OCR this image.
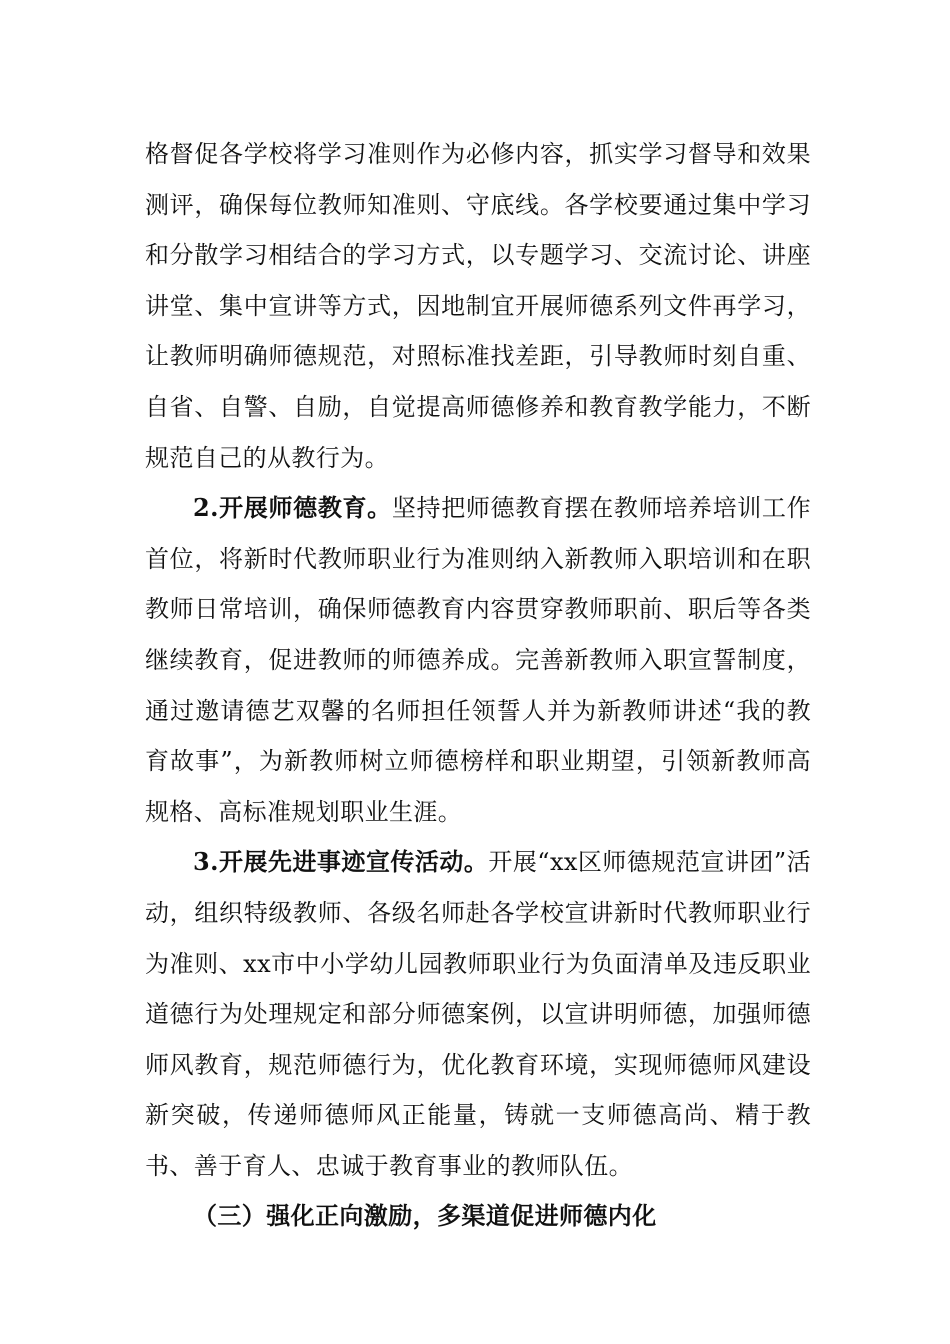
格督促各学校将学习准则作为必修内容，抓实学习督导和效果测评，确保每位教师知准则、守底线。各学校要通过集中学习和分散学习相结合的学习方式，以专题学习、交流讨论、讲座讲堂、集中宣讲等方式，因地制宜开展师德系列文件再学习，让教师明确师德规范，对照标准找差距，引导教师时刻自重、自省、自警、自励，自觉提高师德修养和教育教学能力，不断规范自己的从教行为。

2.开展师德教育。坚持把师德教育摆在教师培养培训工作首位，将新时代教师职业行为准则纳入新教师入职培训和在职教师日常培训，确保师德教育内容贯穿教师职前、职后等各类继续教育，促进教师的师德养成。完善新教师入职宣誓制度，通过邀请德艺双馨的名师担任领誓人并为新教师讲述“我的教育故事”，为新教师树立师德榜样和职业期望，引领新教师高规格、高标准规划职业生涯。

3.开展先进事迹宣传活动。开展“xx区师德规范宣讲团”活动，组织特级教师、各级名师赴各学校宣讲新时代教师职业行为准则、xx市中小学幼儿园教师职业行为负面清单及违反职业道德行为处理规定和部分师德案例，以宣讲明师德，加强师德师风教育，规范师德行为，优化教育环境，实现师德师风建设新突破，传递师德师风正能量，铸就一支师德高尚、精于教书、善于育人、忠诚于教育事业的教师队伍。

（三）强化正向激励，多渠道促进师德内化
